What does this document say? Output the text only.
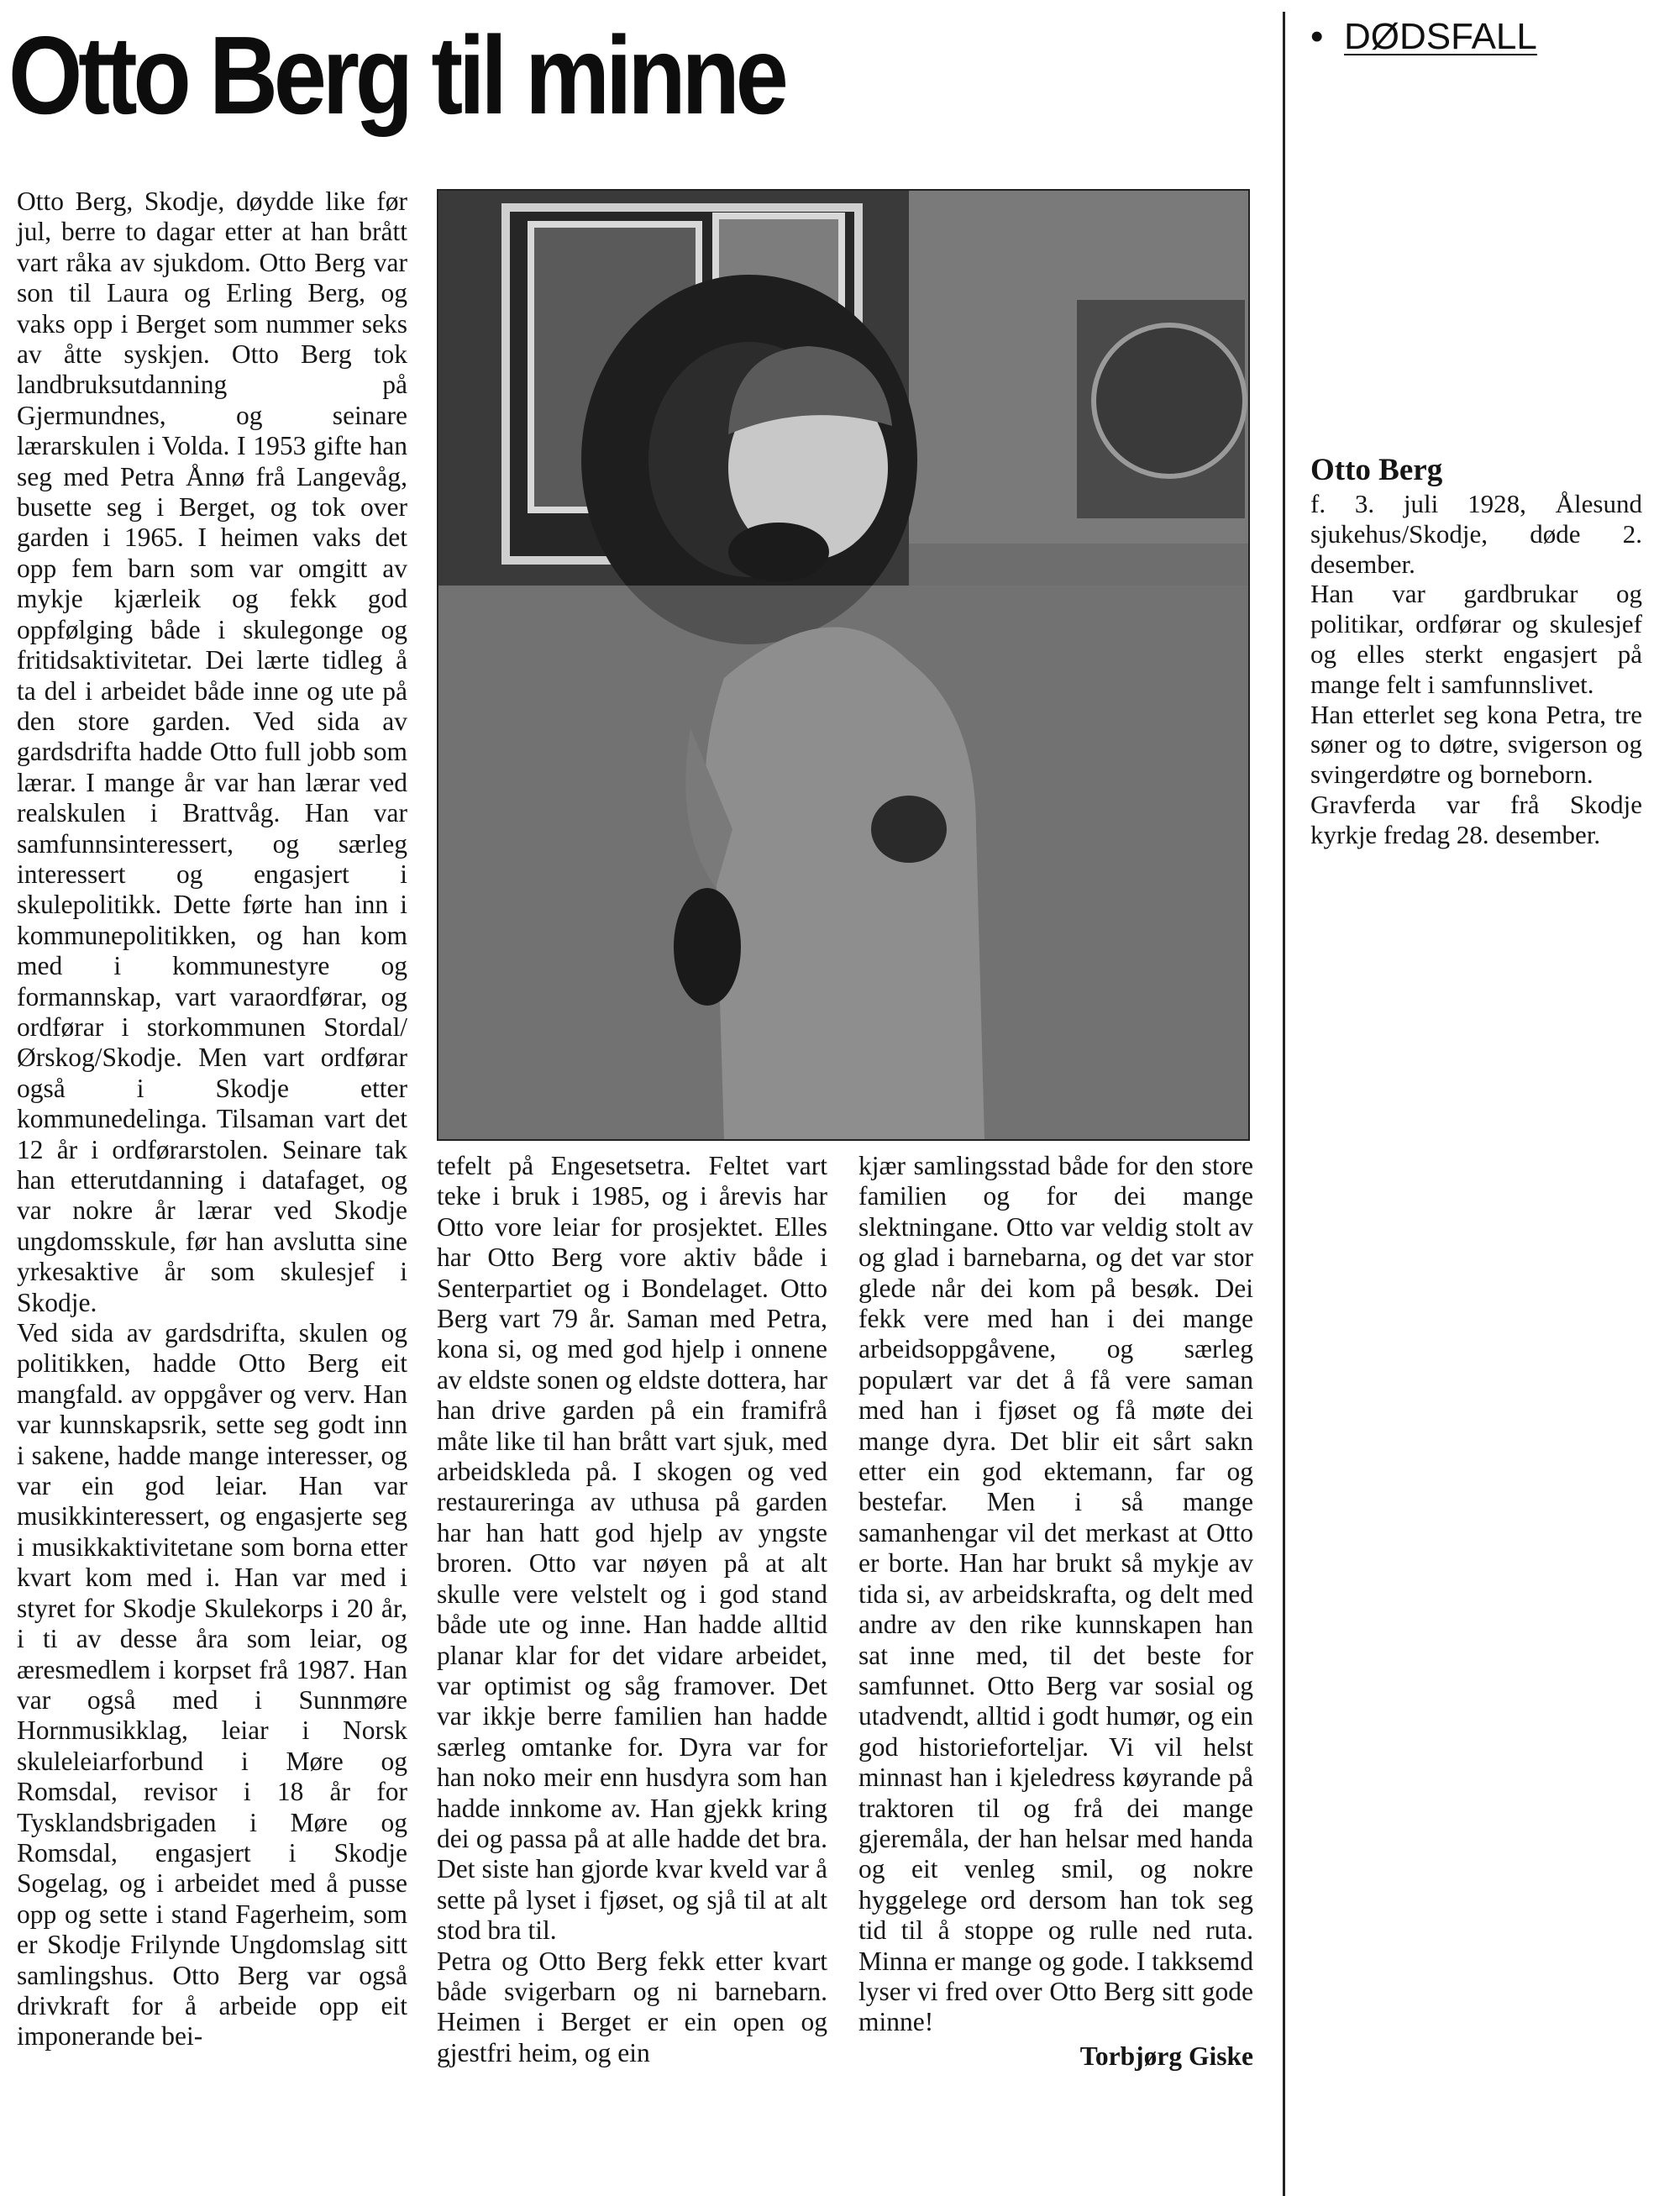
Otto Berg til minne	• DØDSFALL

Otto Berg, Skodje, døydde like før jul, berre to dagar etter at han brått vart råka av sjukdom. Otto Berg var son til Laura og Erling Berg, og vaks opp i Berget som nummer seks av åtte syskjen. Otto Berg tok landbruksutdanning på Gjermundnes, og seinare lærarskulen i Volda. I 1953 gifte han seg med Petra Ånnø frå Langevåg, busette seg i Berget, og tok over garden i 1965. I heimen vaks det opp fem barn som var omgitt av mykje kjærleik og fekk god oppfølging både i skulegonge og fritidsaktivitetar. Dei lærte tidleg å ta del i arbeidet både inne og ute på den store garden. Ved sida av gardsdrifta hadde Otto full jobb som lærar. I mange år var han lærar ved realskulen i Brattvåg. Han var samfunnsinteressert, og særleg interessert og engasjert i skulepolitikk. Dette førte han inn i kommunepolitikken, og han kom med i kommunestyre og formannskap, vart varaordførar, og ordførar i storkommunen Stordal/Ørskog/Skodje. Men vart ordførar også i Skodje etter kommunedelinga. Tilsaman vart det 12 år i ordførarstolen. Seinare tak han etterutdanning i datafaget, og var nokre år lærar ved Skodje ungdomsskule, før han avslutta sine yrkesaktive år som skulesjef i Skodje.

Ved sida av gardsdrifta, skulen og politikken, hadde Otto Berg eit mangfald. av oppgåver og verv. Han var kunnskapsrik, sette seg godt inn i sakene, hadde mange interesser, og var ein god leiar. Han var musikkinteressert, og engasjerte seg i musikkaktivitetane som borna etter kvart kom med i. Han var med i styret for Skodje Skulekorps i 20 år, i ti av desse åra som leiar, og æresmedlem i korpset frå 1987. Han var også med i Sunnmøre Hornmusikklag, leiar i Norsk skuleleiarforbund i Møre og Romsdal, revisor i 18 år for Tysklandsbrigaden i Møre og Romsdal, engasjert i Skodje Sogelag, og i arbeidet med å pusse opp og sette i stand Fagerheim, som er Skodje Frilynde Ungdomslag sitt samlingshus. Otto Berg var også drivkraft for å arbeide opp eit imponerande bei-

tefelt på Engesetsetra. Feltet vart teke i bruk i 1985, og i årevis har Otto vore leiar for prosjektet. Elles har Otto Berg vore aktiv både i Senterpartiet og i Bondelaget. Otto Berg vart 79 år. Saman med Petra, kona si, og med god hjelp i onnene av eldste sonen og eldste dottera, har han drive garden på ein framifrå måte like til han brått vart sjuk, med arbeidskleda på. I skogen og ved restaureringa av uthusa på garden har han hatt god hjelp av yngste broren. Otto var nøyen på at alt skulle vere velstelt og i god stand både ute og inne. Han hadde alltid planar klar for det vidare arbeidet, var optimist og såg framover. Det var ikkje berre familien han hadde særleg omtanke for. Dyra var for han noko meir enn husdyra som han hadde innkome av. Han gjekk kring dei og passa på at alle hadde det bra. Det siste han gjorde kvar kveld var å sette på lyset i fjøset, og sjå til at alt stod bra til.

Petra og Otto Berg fekk etter kvart både svigerbarn og ni barnebarn. Heimen i Berget er ein open og gjestfri heim, og ein

kjær samlingsstad både for den store familien og for dei mange slektningane. Otto var veldig stolt av og glad i barnebarna, og det var stor glede når dei kom på besøk. Dei fekk vere med han i dei mange arbeidsoppgåvene, og særleg populært var det å få vere saman med han i fjøset og få møte dei mange dyra. Det blir eit sårt sakn etter ein god ektemann, far og bestefar. Men i så mange samanhengar vil det merkast at Otto er borte. Han har brukt så mykje av tida si, av arbeidskrafta, og delt med andre av den rike kunnskapen han sat inne med, til det beste for samfunnet. Otto Berg var sosial og utadvendt, alltid i godt humør, og ein god historieforteljar. Vi vil helst minnast han i kjeledress køyrande på traktoren til og frå dei mange gjeremåla, der han helsar med handa og eit venleg smil, og nokre hyggelege ord dersom han tok seg tid til å stoppe og rulle ned ruta. Minna er mange og gode. I takksemd lyser vi fred over Otto Berg sitt gode minne!

Torbjørg Giske

Otto Berg

f. 3. juli 1928, Ålesund sjukehus/Skodje, døde 2. desember.

Han var gardbrukar og politikar, ordførar og skulesjef og elles sterkt engasjert på mange felt i samfunnslivet.

Han etterlet seg kona Petra, tre søner og to døtre, svigerson og svingerdøtre og borneborn.

Gravferda var frå Skodje kyrkje fredag 28. desember.
